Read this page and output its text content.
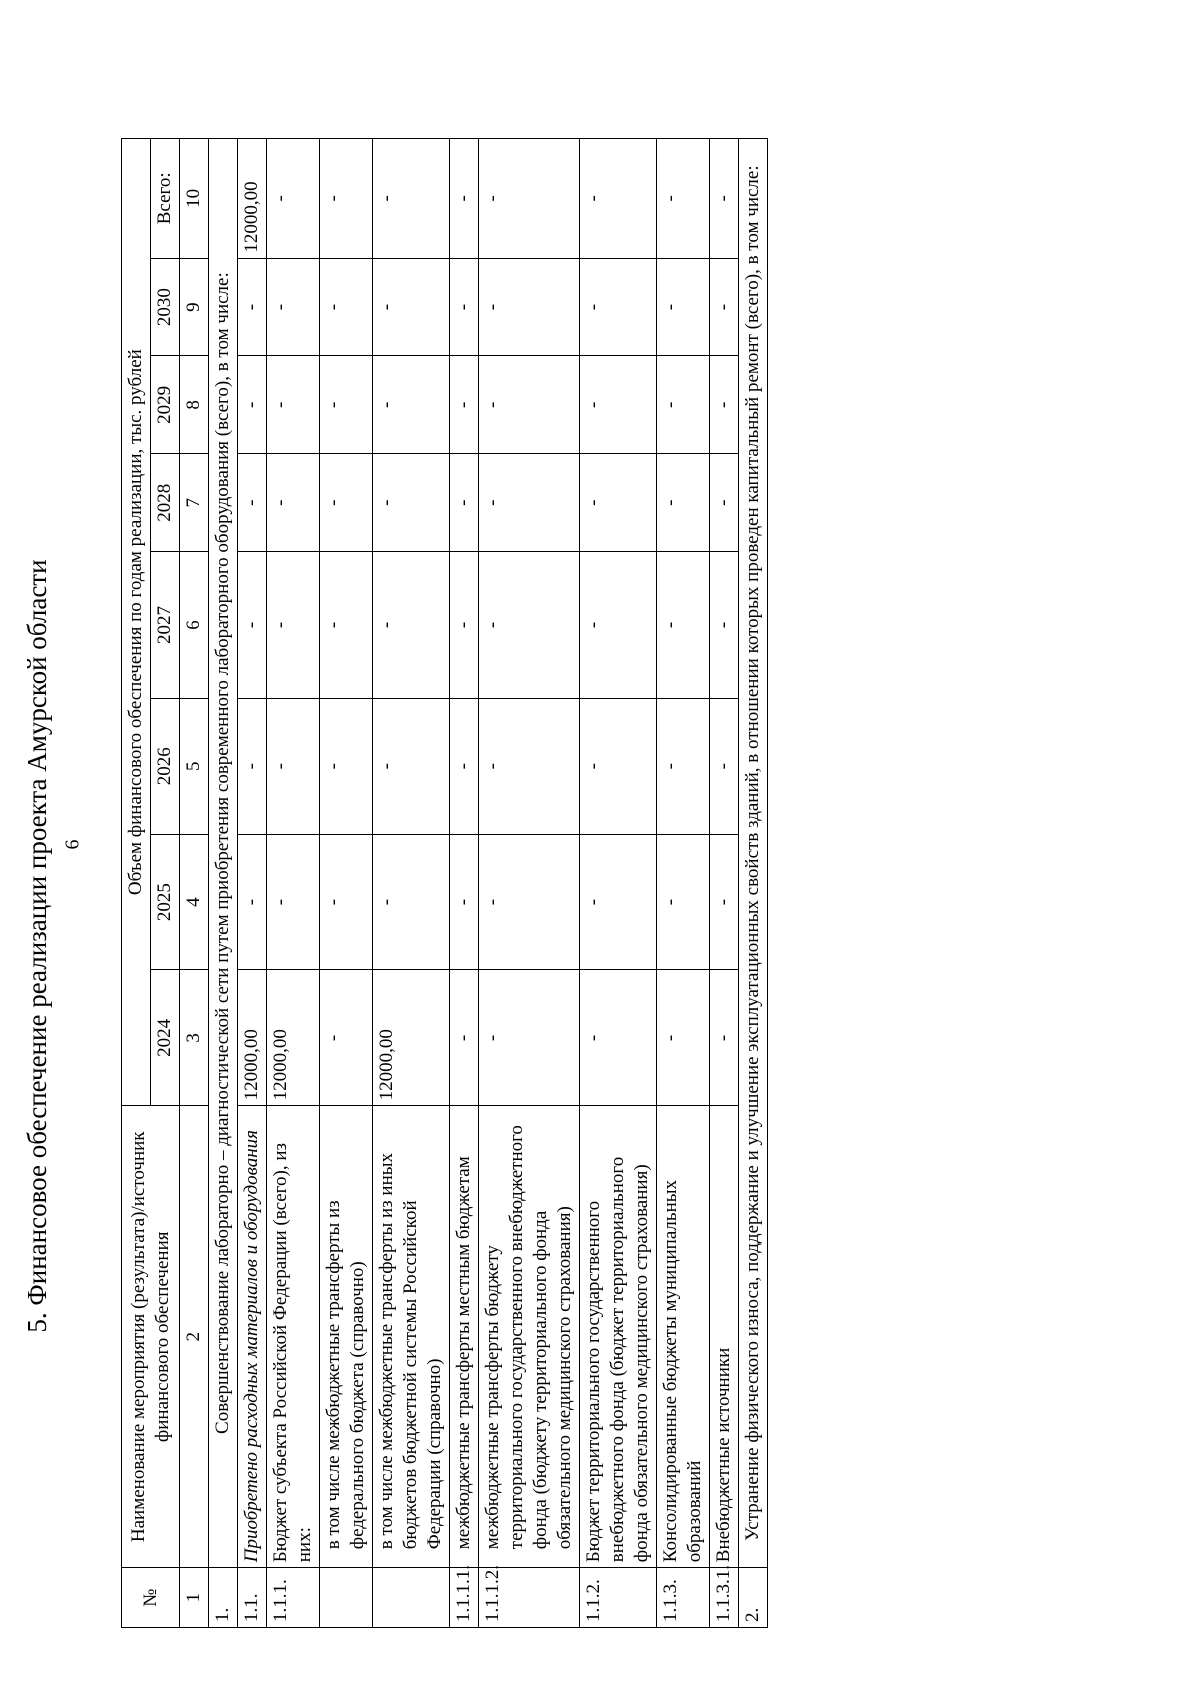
6
5. Финансовое обеспечение реализации проекта Амурской области
№	Наименование мероприятия (результата)/источник финансового обеспечения	Объем финансового обеспечения по годам реализации, тыс. рублей							
		2024	2025	2026	2027	2028	2029	2030	Всего:
1	2	3	4	5	6	7	8	9	10
1.	Совершенствование лабораторно – диагностической сети путем приобретения современного лабораторного оборудования (всего), в том числе:								
1.1.	Приобретено расходных материалов и оборудования	12000,00	-	-	-	-	-	-	12000,00
1.1.1.	Бюджет субъекта Российской Федерации (всего), из них:	12000,00	-	-	-	-	-	-	-
	в том числе межбюджетные трансферты из федерального бюджета (справочно)	-	-	-	-	-	-	-	-
	в том числе межбюджетные трансферты из иных бюджетов бюджетной системы Российской Федерации (справочно)	12000,00	-	-	-	-	-	-	-
1.1.1.1.	межбюджетные трансферты местным бюджетам	-	-	-	-	-	-	-	-
1.1.1.2.	межбюджетные трансферты бюджету территориального государственного внебюджетного фонда (бюджету территориального фонда обязательного медицинского страхования)	-	-	-	-	-	-	-	-
1.1.2.	Бюджет территориального государственного внебюджетного фонда (бюджет территориального фонда обязательного медицинского страхования)	-	-	-	-	-	-	-	-
1.1.3.	Консолидированные бюджеты муниципальных образований	-	-	-	-	-	-	-	-
1.1.3.1.	Внебюджетные источники	-	-	-	-	-	-	-	-
2.	Устранение физического износа, поддержание и улучшение эксплуатационных свойств зданий, в отношении которых проведен капитальный ремонт (всего), в том числе:								
